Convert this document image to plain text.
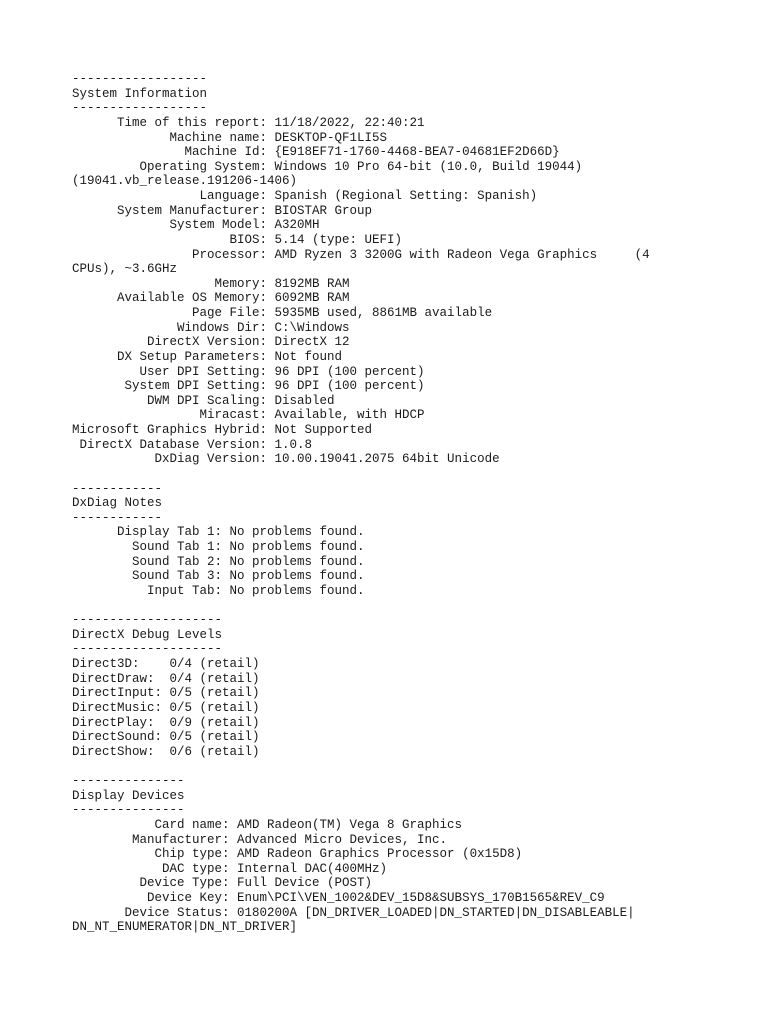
------------------
System Information
------------------
Time of this report: 11/18/2022, 22:40:21
Machine name: DESKTOP-QF1LI5S
Machine Id: {E918EF71-1760-4468-BEA7-04681EF2D66D}
Operating System: Windows 10 Pro 64-bit (10.0, Build 19044)
(19041.vb_release.191206-1406)
Language: Spanish (Regional Setting: Spanish)
System Manufacturer: BIOSTAR Group
System Model: A320MH
BIOS: 5.14 (type: UEFI)
Processor: AMD Ryzen 3 3200G with Radeon Vega Graphics     (4
CPUs), ~3.6GHz
Memory: 8192MB RAM
Available OS Memory: 6092MB RAM
Page File: 5935MB used, 8861MB available
Windows Dir: C:\Windows
DirectX Version: DirectX 12
DX Setup Parameters: Not found
User DPI Setting: 96 DPI (100 percent)
System DPI Setting: 96 DPI (100 percent)
DWM DPI Scaling: Disabled
Miracast: Available, with HDCP
Microsoft Graphics Hybrid: Not Supported
DirectX Database Version: 1.0.8
DxDiag Version: 10.00.19041.2075 64bit Unicode

------------
DxDiag Notes
------------
Display Tab 1: No problems found.
Sound Tab 1: No problems found.
Sound Tab 2: No problems found.
Sound Tab 3: No problems found.
Input Tab: No problems found.

--------------------
DirectX Debug Levels
--------------------
Direct3D:    0/4 (retail)
DirectDraw:  0/4 (retail)
DirectInput: 0/5 (retail)
DirectMusic: 0/5 (retail)
DirectPlay:  0/9 (retail)
DirectSound: 0/5 (retail)
DirectShow:  0/6 (retail)

---------------
Display Devices
---------------
Card name: AMD Radeon(TM) Vega 8 Graphics
Manufacturer: Advanced Micro Devices, Inc.
Chip type: AMD Radeon Graphics Processor (0x15D8)
DAC type: Internal DAC(400MHz)
Device Type: Full Device (POST)
Device Key: Enum\PCI\VEN_1002&DEV_15D8&SUBSYS_170B1565&REV_C9
Device Status: 0180200A [DN_DRIVER_LOADED|DN_STARTED|DN_DISABLEABLE|
DN_NT_ENUMERATOR|DN_NT_DRIVER]
